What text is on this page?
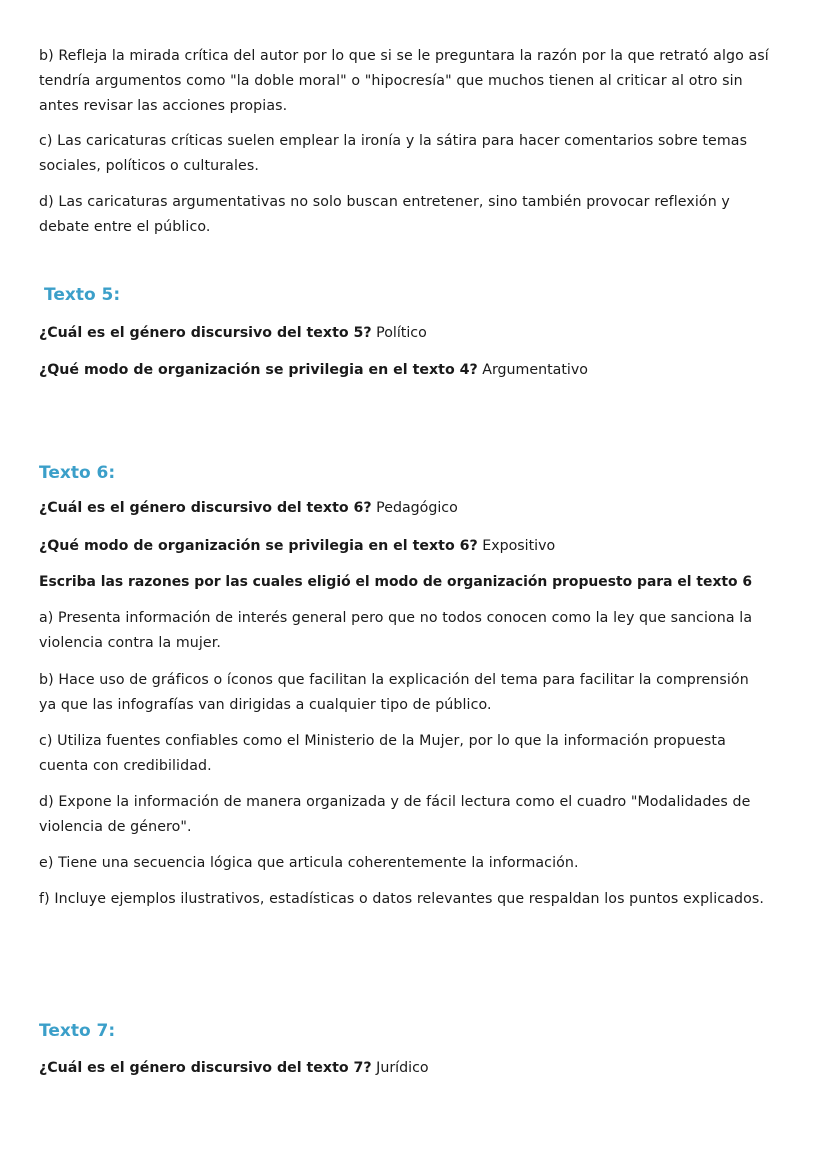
b) Refleja la mirada crítica del autor por lo que si se le preguntara la razón por la que retrató algo así tendría argumentos como "la doble moral" o "hipocresía" que muchos tienen al criticar al otro sin antes revisar las acciones propias.

c) Las caricaturas críticas suelen emplear la ironía y la sátira para hacer comentarios sobre temas sociales, políticos o culturales.

d) Las caricaturas argumentativas no solo buscan entretener, sino también provocar reflexión y debate entre el público.

Texto 5:

¿Cuál es el género discursivo del texto 5? Político

¿Qué modo de organización se privilegia en el texto 4? Argumentativo

Texto 6:

¿Cuál es el género discursivo del texto 6? Pedagógico

¿Qué modo de organización se privilegia en el texto 6? Expositivo

Escriba las razones por las cuales eligió el modo de organización propuesto para el texto 6

a) Presenta información de interés general pero que no todos conocen como la ley que sanciona la violencia contra la mujer.

b) Hace uso de gráficos o íconos que facilitan la explicación del tema para facilitar la comprensión ya que las infografías van dirigidas a cualquier tipo de público.

c) Utiliza fuentes confiables como el Ministerio de la Mujer, por lo que la información propuesta cuenta con credibilidad.

d) Expone la información de manera organizada y de fácil lectura como el cuadro "Modalidades de violencia de género".

e) Tiene una secuencia lógica que articula coherentemente la información.

f) Incluye ejemplos ilustrativos, estadísticas o datos relevantes que respaldan los puntos explicados.

Texto 7:

¿Cuál es el género discursivo del texto 7? Jurídico
